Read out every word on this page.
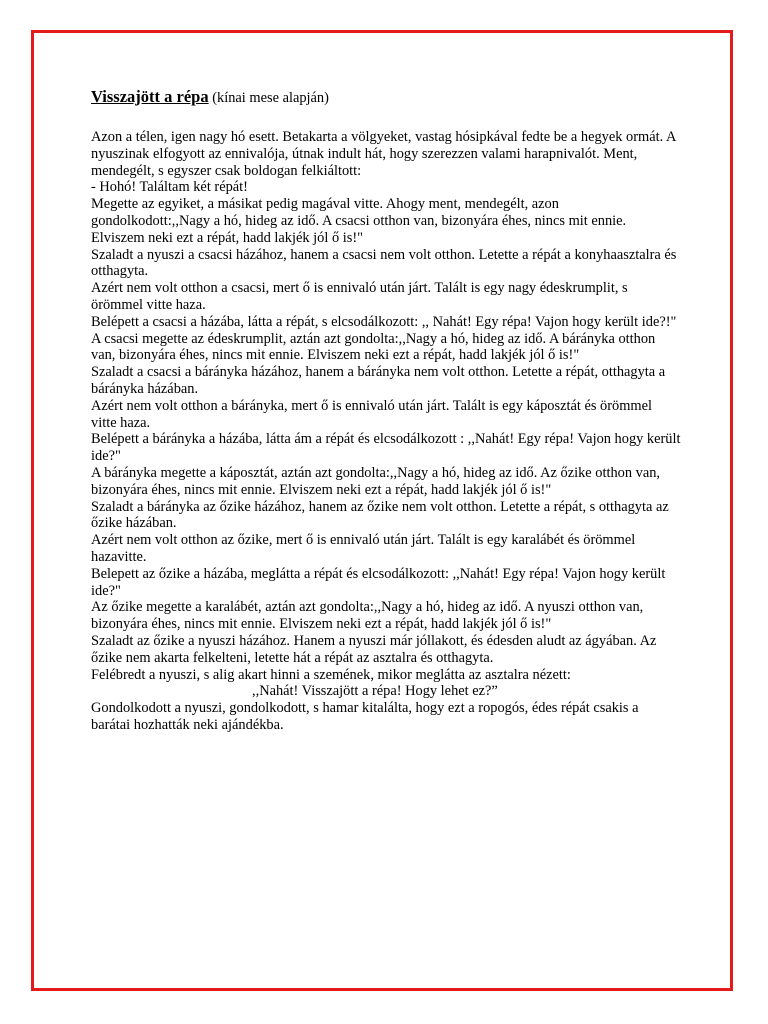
Visszajött a répa (kínai mese alapján)

Azon a télen, igen nagy hó esett. Betakarta a völgyeket, vastag hósipkával fedte be a hegyek ormát. A nyuszinak elfogyott az ennivalója, útnak indult hát, hogy szerezzen valami harapnivalót. Ment, mendegélt, s egyszer csak boldogan felkiáltott:

- Hohó! Találtam két répát!

Megette az egyiket, a másikat pedig magával vitte. Ahogy ment, mendegélt, azon gondolkodott:,,Nagy a hó, hideg az idő. A csacsi otthon van, bizonyára éhes, nincs mit ennie. Elviszem neki ezt a répát, hadd lakjék jól ő is!"

Szaladt a nyuszi a csacsi házához, hanem a csacsi nem volt otthon. Letette a répát a konyhaasztalra és otthagyta.

Azért nem volt otthon a csacsi, mert ő is ennivaló után járt. Talált is egy nagy édeskrumplit, s örömmel vitte haza.

Belépett a csacsi a házába, látta a répát, s elcsodálkozott: ,, Nahát! Egy répa! Vajon hogy került ide?!"

A csacsi megette az édeskrumplit, aztán azt gondolta:,,Nagy a hó, hideg az idő. A bárányka otthon van, bizonyára éhes, nincs mit ennie. Elviszem neki ezt a répát, hadd lakjék jól ő is!"

Szaladt a csacsi a bárányka házához, hanem a bárányka nem volt otthon. Letette a répát, otthagyta a bárányka házában.

Azért nem volt otthon a bárányka, mert ő is ennivaló után járt. Talált is egy káposztát és örömmel vitte haza.

Belépett a bárányka a házába, látta ám a répát és elcsodálkozott : ,,Nahát! Egy répa! Vajon hogy került ide?"

A bárányka megette a káposztát, aztán azt gondolta:,,Nagy a hó, hideg az idő. Az őzike otthon van, bizonyára éhes, nincs mit ennie. Elviszem neki ezt a répát, hadd lakjék jól ő is!"

Szaladt a bárányka az őzike házához, hanem az őzike nem volt otthon. Letette a répát, s otthagyta az őzike házában.

Azért nem volt otthon az őzike, mert ő is ennivaló után járt. Talált is egy karalábét és örömmel hazavitte.

Belepett az őzike a házába, meglátta a répát és elcsodálkozott: ,,Nahát! Egy répa! Vajon hogy került ide?"

Az őzike megette a karalábét, aztán azt gondolta:,,Nagy a hó, hideg az idő. A nyuszi otthon van, bizonyára éhes, nincs mit ennie. Elviszem neki ezt a répát, hadd lakjék jól ő is!"

Szaladt az őzike a nyuszi házához. Hanem a nyuszi már jóllakott, és édesden aludt az ágyában. Az őzike nem akarta felkelteni, letette hát a répát az asztalra és otthagyta.

Felébredt a nyuszi, s alig akart hinni a szemének, mikor meglátta az asztalra nézett:

,,Nahát! Visszajött a répa! Hogy lehet ez?”

Gondolkodott a nyuszi, gondolkodott, s hamar kitalálta, hogy ezt a ropogós, édes répát csakis a barátai hozhatták neki ajándékba.
